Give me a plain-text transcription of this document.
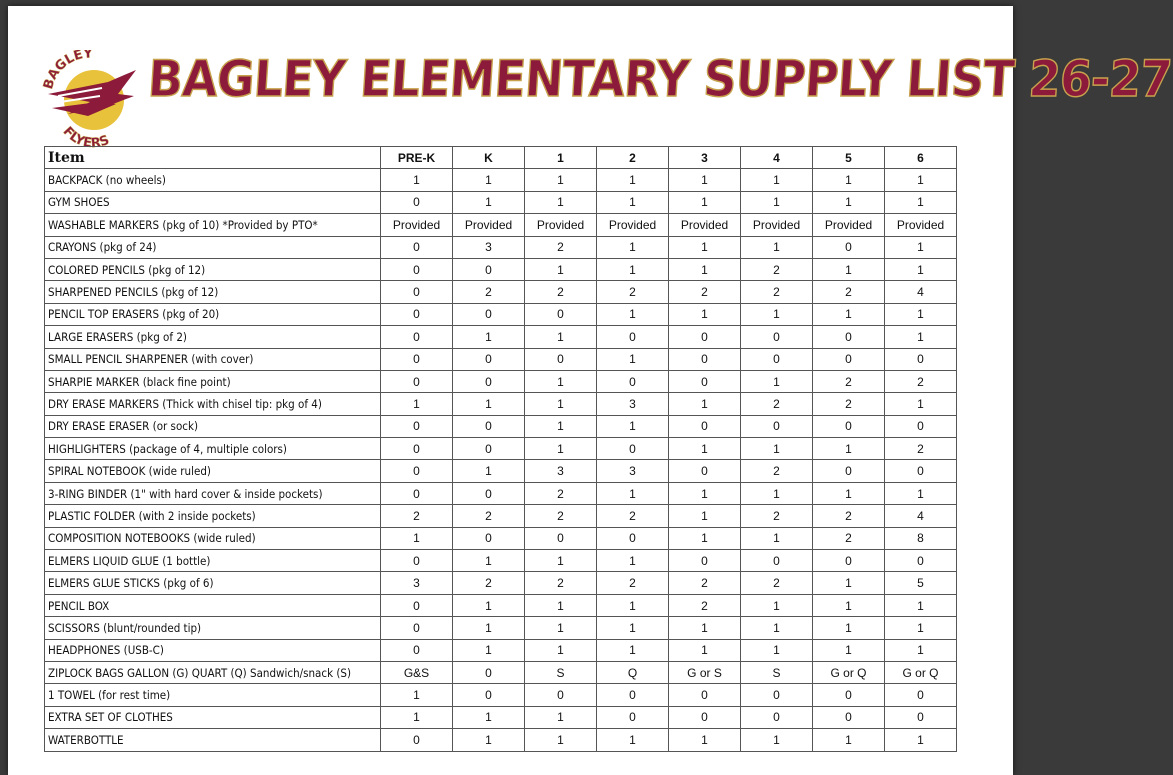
BAGLEY
FLYERS
BAGLEY ELEMENTARY SUPPLY LIST 26-27
Item	PRE-K	K	1	2	3	4	5	6
BACKPACK (no wheels)	1	1	1	1	1	1	1	1
GYM SHOES	0	1	1	1	1	1	1	1
WASHABLE MARKERS (pkg of 10) *Provided by PTO*	Provided	Provided	Provided	Provided	Provided	Provided	Provided	Provided
CRAYONS (pkg of 24)	0	3	2	1	1	1	0	1
COLORED PENCILS (pkg of 12)	0	0	1	1	1	2	1	1
SHARPENED PENCILS (pkg of 12)	0	2	2	2	2	2	2	4
PENCIL TOP ERASERS (pkg of 20)	0	0	0	1	1	1	1	1
LARGE ERASERS (pkg of 2)	0	1	1	0	0	0	0	1
SMALL PENCIL SHARPENER (with cover)	0	0	0	1	0	0	0	0
SHARPIE MARKER (black fine point)	0	0	1	0	0	1	2	2
DRY ERASE MARKERS (Thick with chisel tip: pkg of 4)	1	1	1	3	1	2	2	1
DRY ERASE ERASER (or sock)	0	0	1	1	0	0	0	0
HIGHLIGHTERS (package of 4, multiple colors)	0	0	1	0	1	1	1	2
SPIRAL NOTEBOOK (wide ruled)	0	1	3	3	0	2	0	0
3-RING BINDER (1" with hard cover & inside pockets)	0	0	2	1	1	1	1	1
PLASTIC FOLDER (with 2 inside pockets)	2	2	2	2	1	2	2	4
COMPOSITION NOTEBOOKS (wide ruled)	1	0	0	0	1	1	2	8
ELMERS LIQUID GLUE (1 bottle)	0	1	1	1	0	0	0	0
ELMERS GLUE STICKS (pkg of 6)	3	2	2	2	2	2	1	5
PENCIL BOX	0	1	1	1	2	1	1	1
SCISSORS (blunt/rounded tip)	0	1	1	1	1	1	1	1
HEADPHONES (USB-C)	0	1	1	1	1	1	1	1
ZIPLOCK BAGS GALLON (G) QUART (Q) Sandwich/snack (S)	G&S	0	S	Q	G or S	S	G or Q	G or Q
1 TOWEL (for rest time)	1	0	0	0	0	0	0	0
EXTRA SET OF CLOTHES	1	1	1	0	0	0	0	0
WATERBOTTLE	0	1	1	1	1	1	1	1
